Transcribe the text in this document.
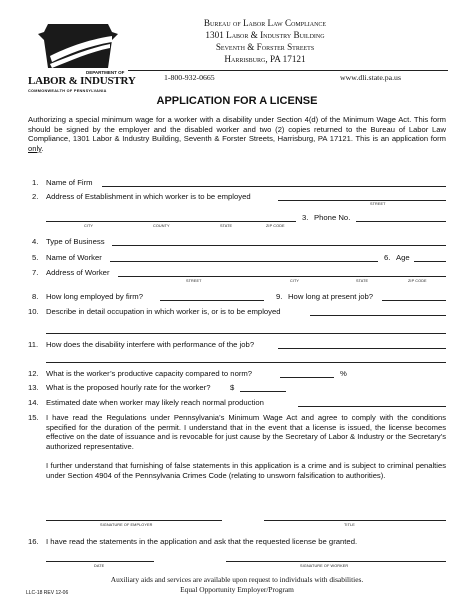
DEPARTMENT OF
LABOR & INDUSTRY
COMMONWEALTH OF PENNSYLVANIA
Bureau of Labor Law Compliance
1301 Labor & Industry Building
Seventh & Forster Streets
Harrisburg, PA 17121
1-800-932-0665	www.dli.state.pa.us
APPLICATION FOR A LICENSE
Authorizing a special minimum wage for a worker with a disability under Section 4(d) of the Minimum Wage Act. This form should be signed by the employer and the disabled worker and two (2) copies returned to the Bureau of Labor Law Compliance, 1301 Labor & Industry Building, Seventh & Forster Streets, Harrisburg, PA 17121. This is an application form only.
1. Name of Firm
2. Address of Establishment in which worker is to be employed
STREET
3. Phone No.
CITY	COUNTY	STATE	ZIP CODE
4. Type of Business
5. Name of Worker	6. Age
7. Address of Worker
STREET	CITY	STATE	ZIP CODE
8. How long employed by firm?	9. How long at present job?
10. Describe in detail occupation in which worker is, or is to be employed
11. How does the disability interfere with performance of the job?
12. What is the worker’s productive capacity compared to norm?	%
13. What is the proposed hourly rate for the worker?	$
14. Estimated date when worker may likely reach normal production
15. I have read the Regulations under Pennsylvania’s Minimum Wage Act and agree to comply with the conditions specified for the duration of the permit. I understand that in the event that a license is issued, the license becomes effective on the date of issuance and is revocable for just cause by the Secretary of Labor & Industry or the Secretary’s authorized representative.
I further understand that furnishing of false statements in this application is a crime and is subject to criminal penalties under Section 4904 of the Pennsylvania Crimes Code (relating to unsworn falsification to authorities).
SIGNATURE OF EMPLOYER	TITLE
16. I have read the statements in the application and ask that the requested license be granted.
DATE	SIGNATURE OF WORKER
LLC-18 REV 12-06
Auxiliary aids and services are available upon request to individuals with disabilities.
Equal Opportunity Employer/Program
